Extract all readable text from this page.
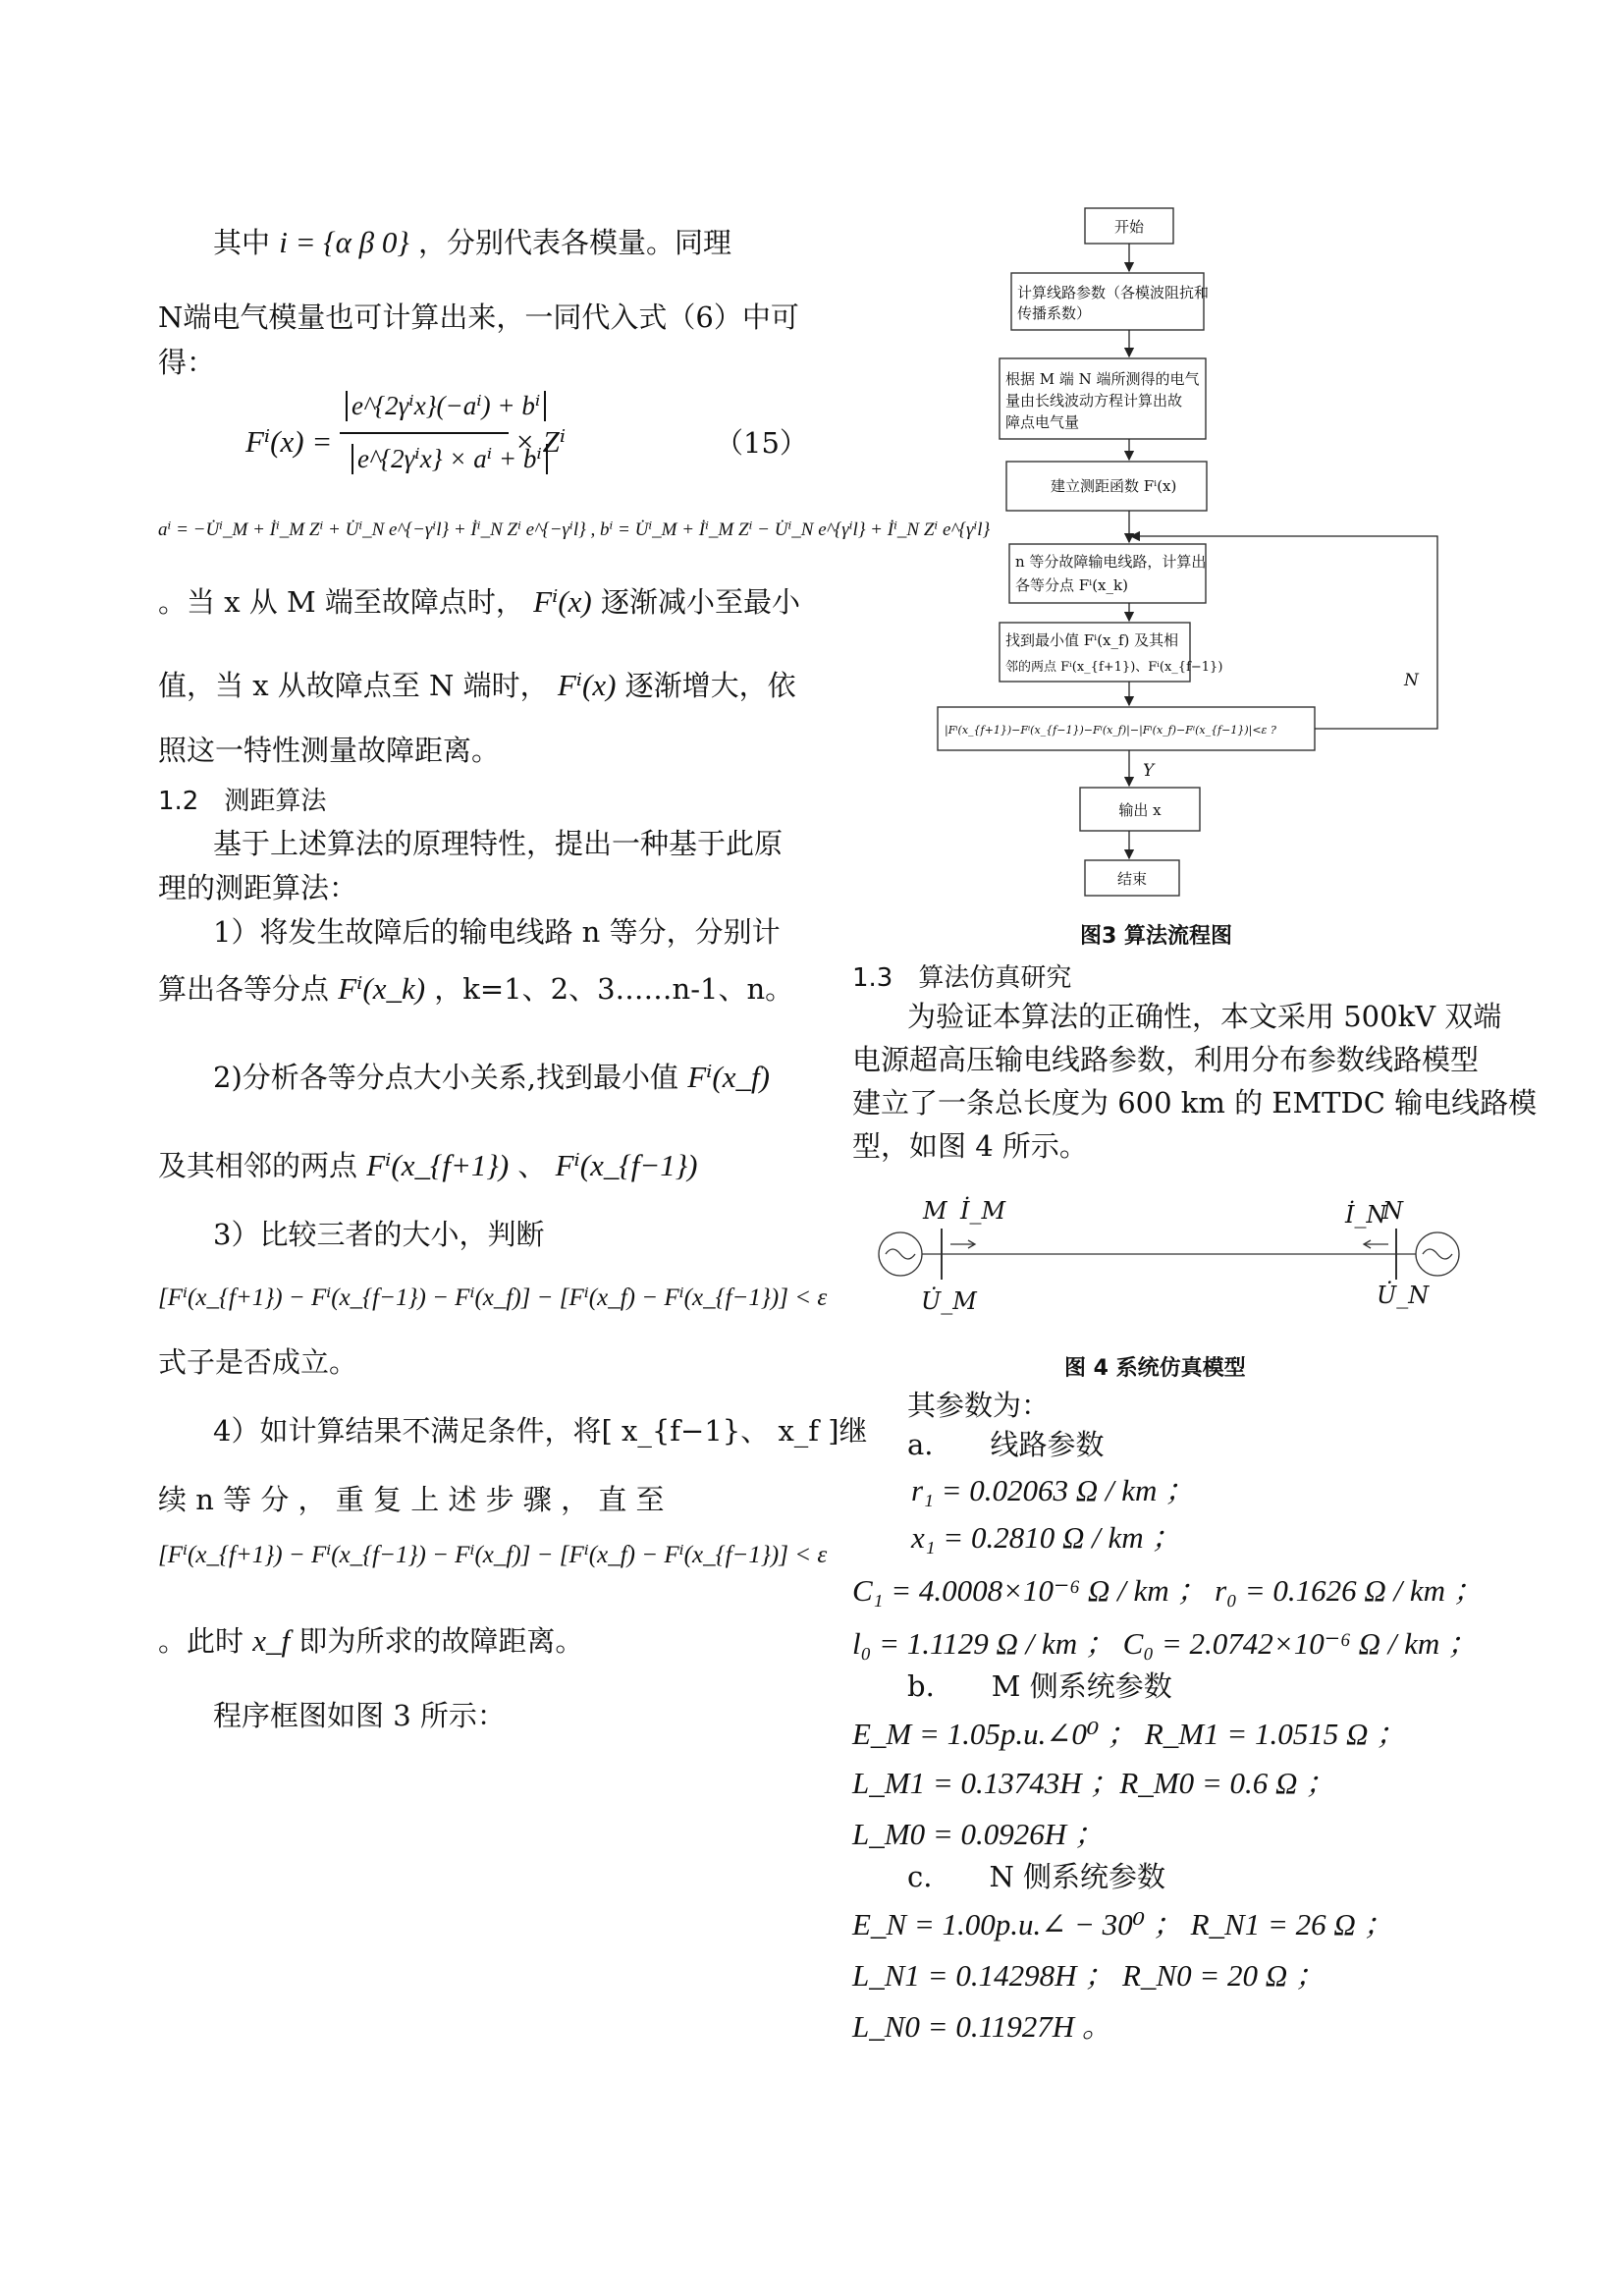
其中 i = {α β 0} ，分别代表各模量。同理
N端电气模量也可计算出来，一同代入式（6）中可
得：
Fⁱ(x) =
e^{2γⁱx}(−aⁱ) + bⁱ
e^{2γⁱx} × aⁱ + bⁱ
× Zⁱ	（15）
aⁱ = −U̇ⁱ_M + İⁱ_M Zⁱ + U̇ⁱ_N e^{−γⁱl} + İⁱ_N Zⁱ e^{−γⁱl} , bⁱ = U̇ⁱ_M + İⁱ_M Zⁱ − U̇ⁱ_N e^{γⁱl} + İⁱ_N Zⁱ e^{γⁱl}
。当 x 从 M 端至故障点时， Fⁱ(x) 逐渐减小至最小
值，当 x 从故障点至 N 端时， Fⁱ(x) 逐渐增大，依
照这一特性测量故障距离。
1.2　测距算法
基于上述算法的原理特性，提出一种基于此原
理的测距算法：
1）将发生故障后的输电线路 n 等分，分别计
算出各等分点 Fⁱ(x_k) ，k=1、2、3……n-1、n。
2)分析各等分点大小关系,找到最小值 Fⁱ(x_f)
及其相邻的两点 Fⁱ(x_{f+1}) 、 Fⁱ(x_{f−1})
3）比较三者的大小，判断
[Fⁱ(x_{f+1}) − Fⁱ(x_{f−1}) − Fⁱ(x_f)] − [Fⁱ(x_f) − Fⁱ(x_{f−1})] < ε
式子是否成立。
4）如计算结果不满足条件，将[ x_{f−1}、 x_f ]继
续 n 等 分 ， 重 复 上 述 步 骤 ， 直 至
[Fⁱ(x_{f+1}) − Fⁱ(x_{f−1}) − Fⁱ(x_f)] − [Fⁱ(x_f) − Fⁱ(x_{f−1})] < ε
。此时 x_f 即为所求的故障距离。
程序框图如图 3 所示：
开始
计算线路参数（各模波阻抗和
传播系数）
根据 M 端 N 端所测得的电气
量由长线波动方程计算出故
障点电气量
建立测距函数 Fⁱ(x)
n 等分故障输电线路，计算出
各等分点 Fⁱ(x_k)
找到最小值 Fⁱ(x_f) 及其相
邻的两点 Fⁱ(x_{f+1})、Fⁱ(x_{f−1})
|Fⁱ(x_{f+1})−Fⁱ(x_{f−1})−Fⁱ(x_f)|−|Fⁱ(x_f)−Fⁱ(x_{f−1})|<ε ?
Y
N
输出 x
结束
图3 算法流程图
1.3　算法仿真研究
为验证本算法的正确性，本文采用 500kV 双端
电源超高压输电线路参数，利用分布参数线路模型
建立了一条总长度为 600 km 的 EMTDC 输电线路模
型，如图 4 所示。
M İ_M	İ_N
N
U̇_M	U̇_N
图 4 系统仿真模型
其参数为：
a.　　线路参数
r₁ = 0.02063 Ω / km ；
x₁ = 0.2810 Ω / km ；
C₁ = 4.0008×10⁻⁶ Ω / km ； r₀ = 0.1626 Ω / km ；
l₀ = 1.1129 Ω / km ； C₀ = 2.0742×10⁻⁶ Ω / km ；
b.　　M 侧系统参数
E_M = 1.05p.u.∠0⁰ ； R_M1 = 1.0515 Ω ；
L_M1 = 0.13743H ；R_M0 = 0.6 Ω ；
L_M0 = 0.0926H ；
c.　　N 侧系统参数
E_N = 1.00p.u.∠ − 30⁰ ； R_N1 = 26 Ω ；
L_N1 = 0.14298H ； R_N0 = 20 Ω ；
L_N0 = 0.11927H 。
